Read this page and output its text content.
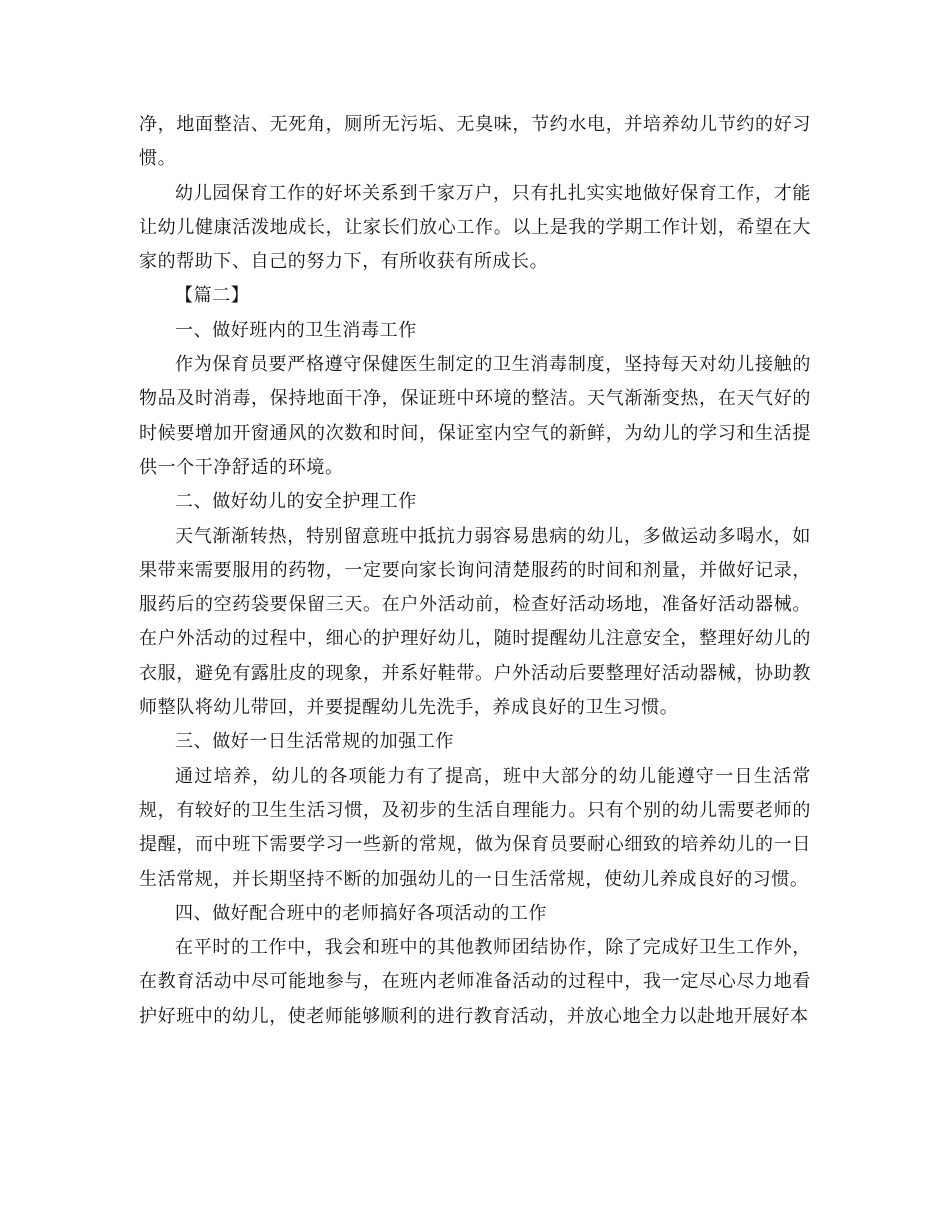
净，地面整洁、无死角，厕所无污垢、无臭味，节约水电，并培养幼儿节约的好习惯。

幼儿园保育工作的好坏关系到千家万户，只有扎扎实实地做好保育工作，才能让幼儿健康活泼地成长，让家长们放心工作。以上是我的学期工作计划，希望在大家的帮助下、自己的努力下，有所收获有所成长。

【篇二】

一、做好班内的卫生消毒工作

作为保育员要严格遵守保健医生制定的卫生消毒制度，坚持每天对幼儿接触的物品及时消毒，保持地面干净，保证班中环境的整洁。天气渐渐变热，在天气好的时候要增加开窗通风的次数和时间，保证室内空气的新鲜，为幼儿的学习和生活提供一个干净舒适的环境。

二、做好幼儿的安全护理工作

天气渐渐转热，特别留意班中抵抗力弱容易患病的幼儿，多做运动多喝水，如果带来需要服用的药物，一定要向家长询问清楚服药的时间和剂量，并做好记录，服药后的空药袋要保留三天。在户外活动前，检查好活动场地，准备好活动器械。在户外活动的过程中，细心的护理好幼儿，随时提醒幼儿注意安全，整理好幼儿的衣服，避免有露肚皮的现象，并系好鞋带。户外活动后要整理好活动器械，协助教师整队将幼儿带回，并要提醒幼儿先洗手，养成良好的卫生习惯。

三、做好一日生活常规的加强工作

通过培养，幼儿的各项能力有了提高，班中大部分的幼儿能遵守一日生活常规，有较好的卫生生活习惯，及初步的生活自理能力。只有个别的幼儿需要老师的提醒，而中班下需要学习一些新的常规，做为保育员要耐心细致的培养幼儿的一日生活常规，并长期坚持不断的加强幼儿的一日生活常规，使幼儿养成良好的习惯。

四、做好配合班中的老师搞好各项活动的工作

在平时的工作中，我会和班中的其他教师团结协作，除了完成好卫生工作外，在教育活动中尽可能地参与，在班内老师准备活动的过程中，我一定尽心尽力地看护好班中的幼儿，使老师能够顺利的进行教育活动，并放心地全力以赴地开展好本
